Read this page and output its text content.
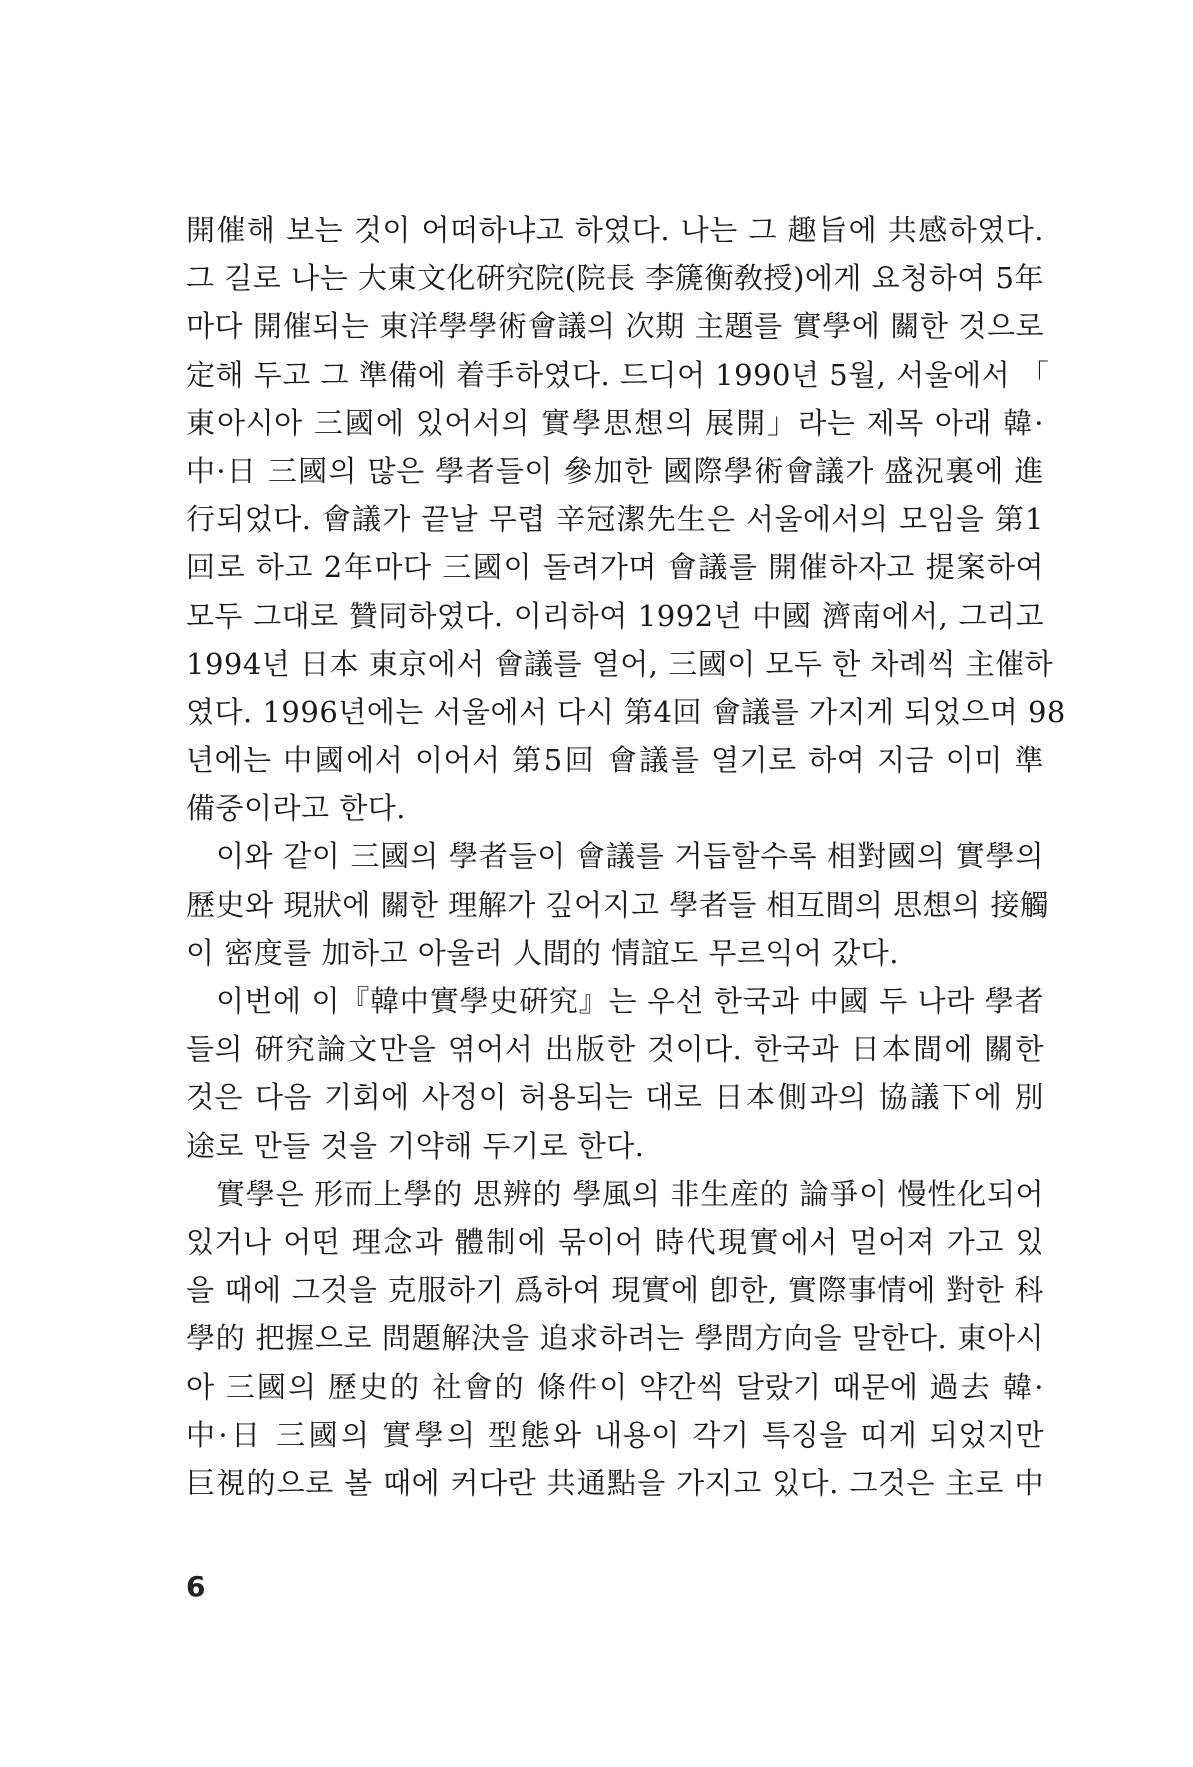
開催해 보는 것이 어떠하냐고 하였다. 나는 그 趣旨에 共感하였다.
그 길로 나는 大東文化硏究院(院長 李篪衡敎授)에게 요청하여 5年
마다 開催되는 東洋學學術會議의 次期 主題를 實學에 關한 것으로
定해 두고 그 準備에 着手하였다. 드디어 1990년 5월, 서울에서 「
東아시아 三國에 있어서의 實學思想의 展開」라는 제목 아래 韓·
中·日 三國의 많은 學者들이 參加한 國際學術會議가 盛況裏에 進
行되었다. 會議가 끝날 무렵 辛冠潔先生은 서울에서의 모임을 第1
回로 하고 2年마다 三國이 돌려가며 會議를 開催하자고 提案하여
모두 그대로 贊同하였다. 이리하여 1992년 中國 濟南에서, 그리고
1994년 日本 東京에서 會議를 열어, 三國이 모두 한 차례씩 主催하
였다. 1996년에는 서울에서 다시 第4回 會議를 가지게 되었으며 98
년에는 中國에서 이어서 第5回 會議를 열기로 하여 지금 이미 準
備중이라고 한다.
이와 같이 三國의 學者들이 會議를 거듭할수록 相對國의 實學의
歷史와 現狀에 關한 理解가 깊어지고 學者들 相互間의 思想의 接觸
이 密度를 加하고 아울러 人間的 情誼도 무르익어 갔다.
이번에 이『韓中實學史硏究』는 우선 한국과 中國 두 나라 學者
들의 硏究論文만을 엮어서 出版한 것이다. 한국과 日本間에 關한
것은 다음 기회에 사정이 허용되는 대로 日本側과의 協議下에 別
途로 만들 것을 기약해 두기로 한다.
實學은 形而上學的 思辨的 學風의 非生産的 論爭이 慢性化되어
있거나 어떤 理念과 體制에 묶이어 時代現實에서 멀어져 가고 있
을 때에 그것을 克服하기 爲하여 現實에 卽한, 實際事情에 對한 科
學的 把握으로 問題解決을 追求하려는 學問方向을 말한다. 東아시
아 三國의 歷史的 社會的 條件이 약간씩 달랐기 때문에 過去 韓·
中·日 三國의 實學의 型態와 내용이 각기 특징을 띠게 되었지만
巨視的으로 볼 때에 커다란 共通點을 가지고 있다. 그것은 主로 中
6
